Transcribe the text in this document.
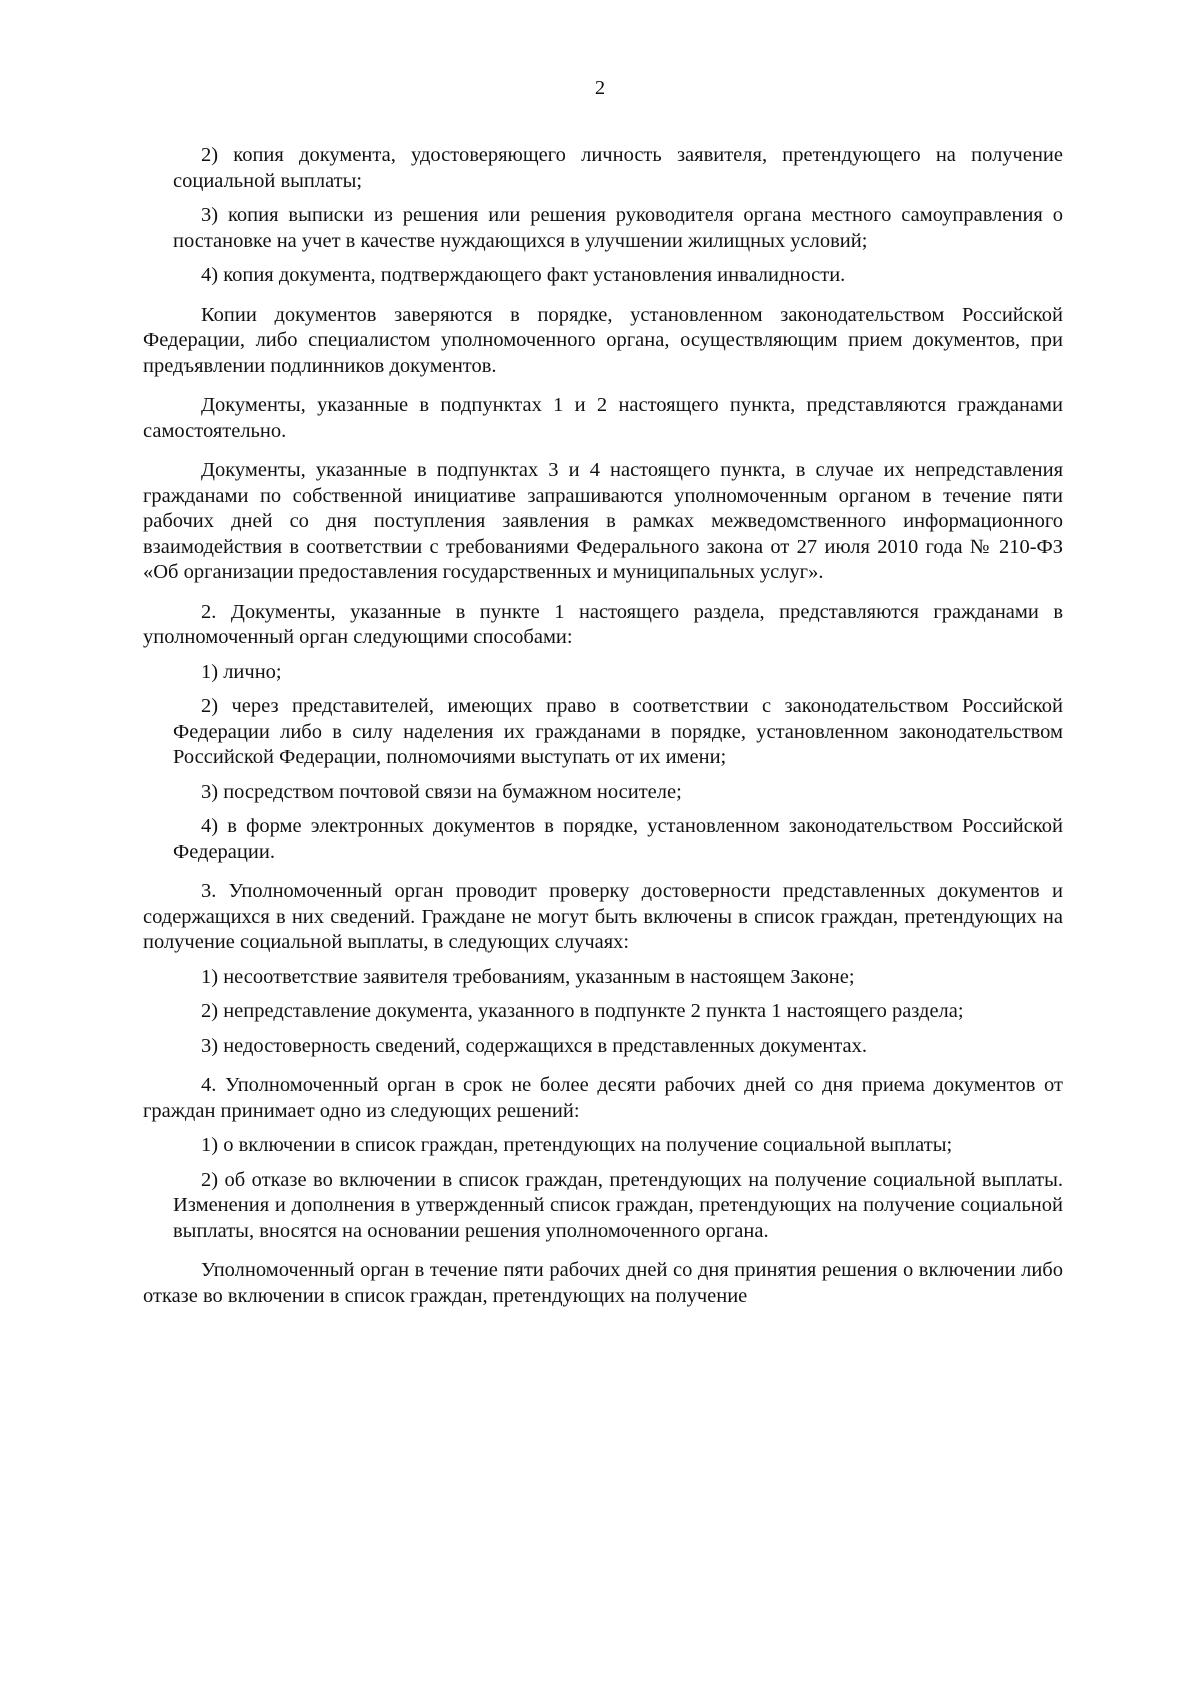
2

2) копия документа, удостоверяющего личность заявителя, претендующего на получение социальной выплаты;

3) копия выписки из решения или решения руководителя органа местного самоуправления о постановке на учет в качестве нуждающихся в улучшении жилищных условий;

4) копия документа, подтверждающего факт установления инвалидности.

Копии документов заверяются в порядке, установленном законодательством Российской Федерации, либо специалистом уполномоченного органа, осуществляющим прием документов, при предъявлении подлинников документов.

Документы, указанные в подпунктах 1 и 2 настоящего пункта, представляются гражданами самостоятельно.

Документы, указанные в подпунктах 3 и 4 настоящего пункта, в случае их непредставления гражданами по собственной инициативе запрашиваются уполномоченным органом в течение пяти рабочих дней со дня поступления заявления в рамках межведомственного информационного взаимодействия в соответствии с требованиями Федерального закона от 27 июля 2010 года № 210-ФЗ «Об организации предоставления государственных и муниципальных услуг».

2. Документы, указанные в пункте 1 настоящего раздела, представляются гражданами в уполномоченный орган следующими способами:

1) лично;

2) через представителей, имеющих право в соответствии с законодательством Российской Федерации либо в силу наделения их гражданами в порядке, установленном законодательством Российской Федерации, полномочиями выступать от их имени;

3) посредством почтовой связи на бумажном носителе;

4) в форме электронных документов в порядке, установленном законодательством Российской Федерации.

3. Уполномоченный орган проводит проверку достоверности представленных документов и содержащихся в них сведений. Граждане не могут быть включены в список граждан, претендующих на получение социальной выплаты, в следующих случаях:

1) несоответствие заявителя требованиям, указанным в настоящем Законе;

2) непредставление документа, указанного в подпункте 2 пункта 1 настоящего раздела;

3) недостоверность сведений, содержащихся в представленных документах.

4. Уполномоченный орган в срок не более десяти рабочих дней со дня приема документов от граждан принимает одно из следующих решений:

1) о включении в список граждан, претендующих на получение социальной выплаты;

2) об отказе во включении в список граждан, претендующих на получение социальной выплаты. Изменения и дополнения в утвержденный список граждан, претендующих на получение социальной выплаты, вносятся на основании решения уполномоченного органа.

Уполномоченный орган в течение пяти рабочих дней со дня принятия решения о включении либо отказе во включении в список граждан, претендующих на получение
